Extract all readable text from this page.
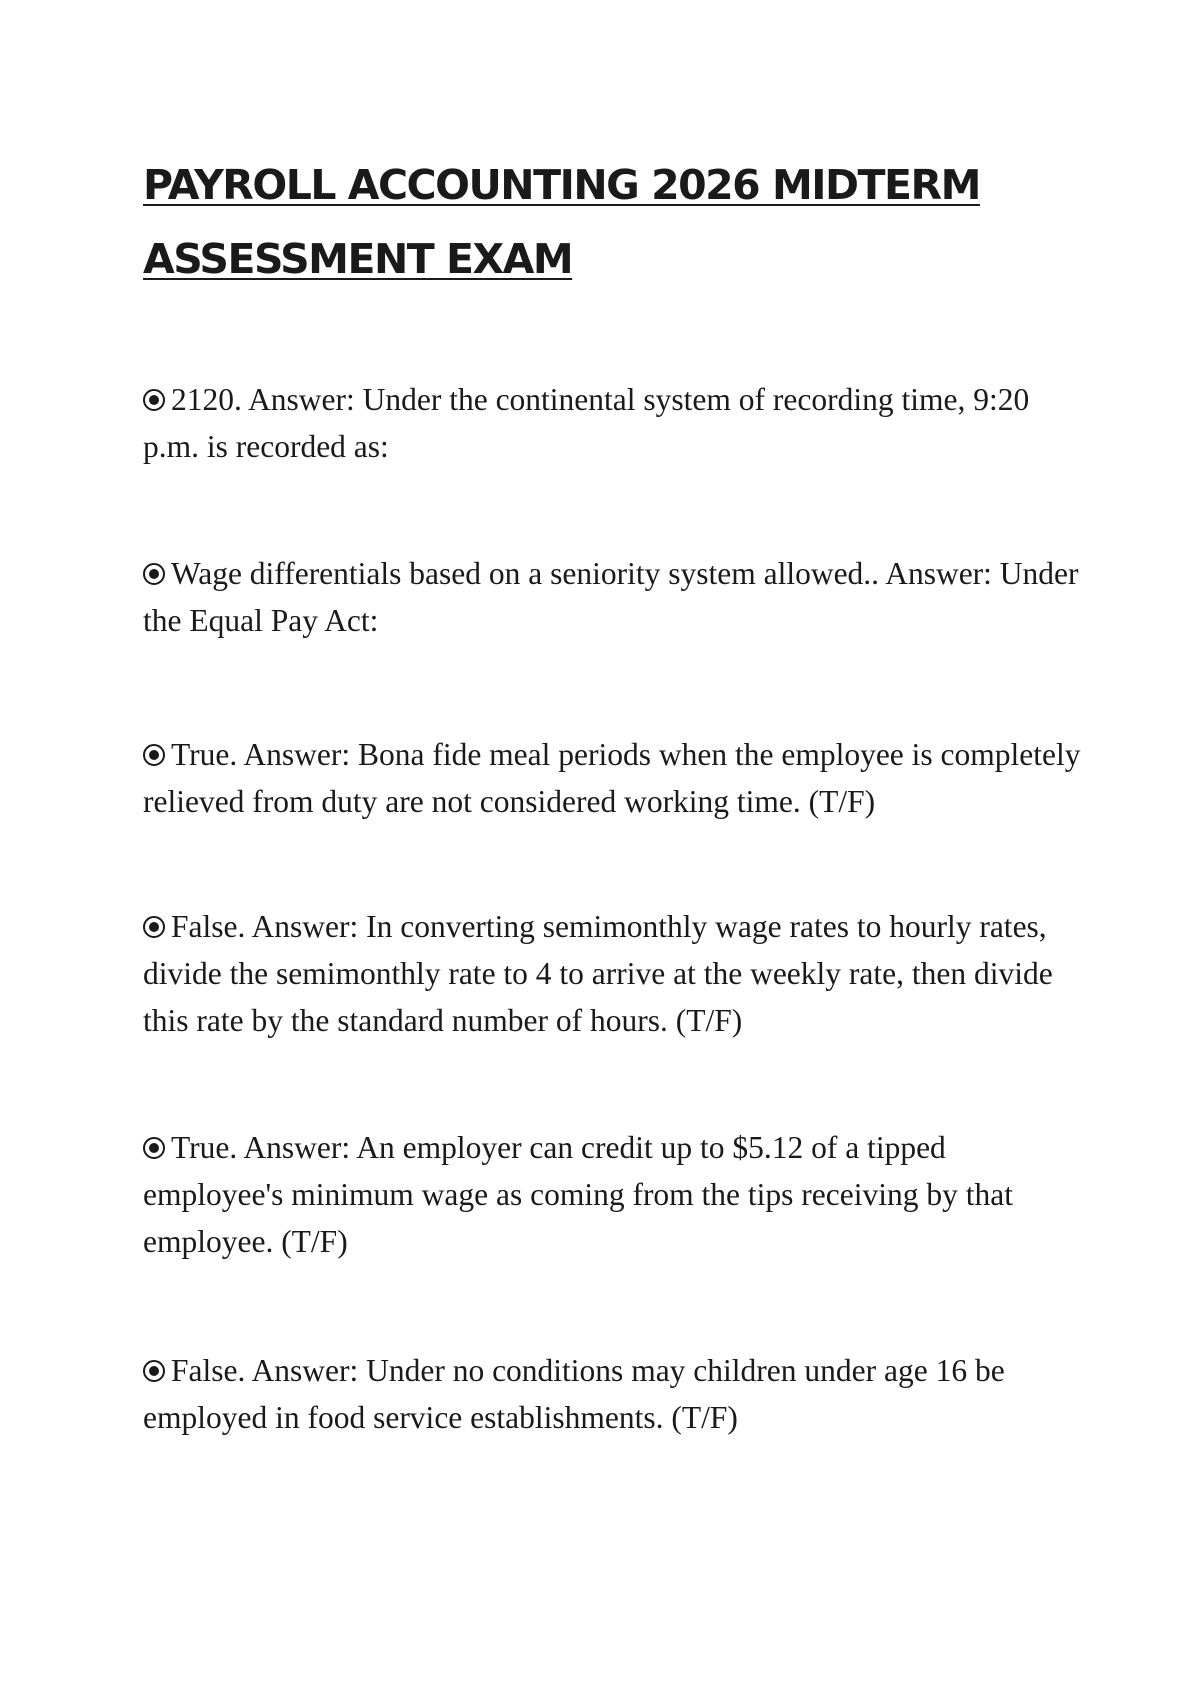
PAYROLL ACCOUNTING 2026 MIDTERM
ASSESSMENT EXAM
2120. Answer: Under the continental system of recording time, 9:20 p.m. is recorded as:
Wage differentials based on a seniority system allowed.. Answer: Under the Equal Pay Act:
True. Answer: Bona fide meal periods when the employee is completely relieved from duty are not considered working time. (T/F)
False. Answer: In converting semimonthly wage rates to hourly rates, divide the semimonthly rate to 4 to arrive at the weekly rate, then divide this rate by the standard number of hours. (T/F)
True. Answer: An employer can credit up to $5.12 of a tipped employee's minimum wage as coming from the tips receiving by that employee. (T/F)
False. Answer: Under no conditions may children under age 16 be employed in food service establishments. (T/F)
